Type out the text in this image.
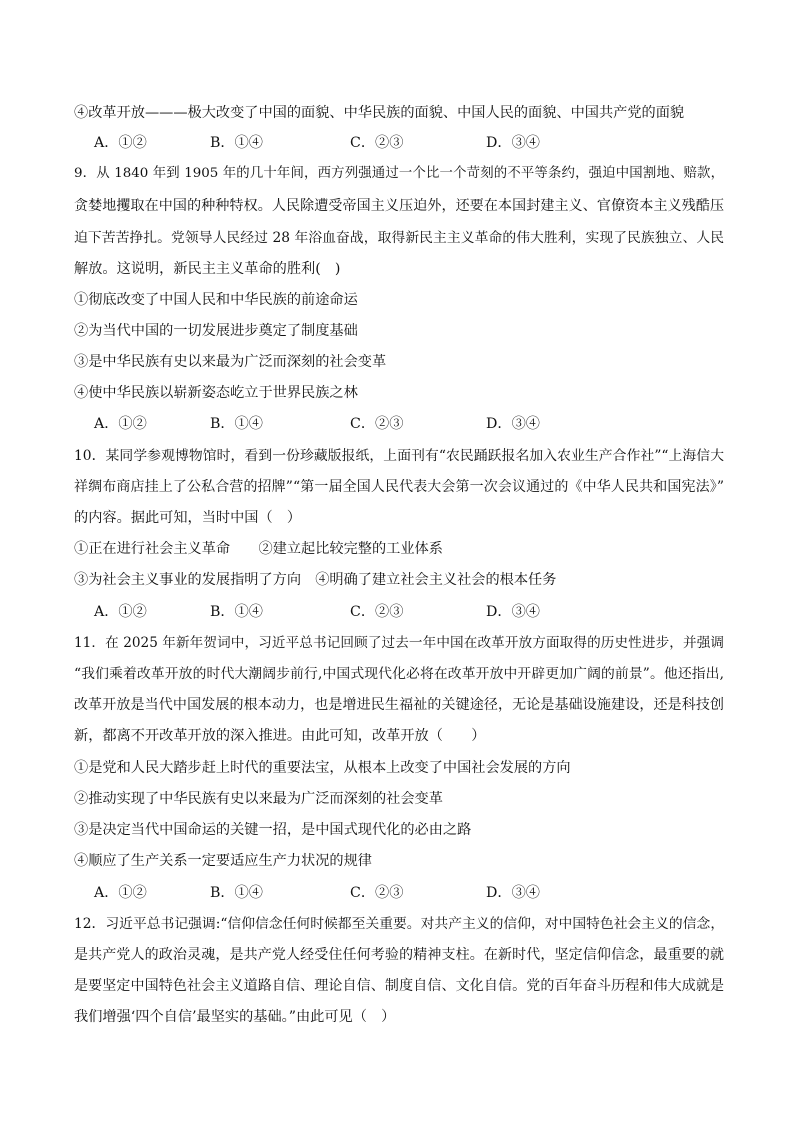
④改革开放———极大改变了中国的面貌、中华民族的面貌、中国人民的面貌、中国共产党的面貌
A．①②	B．①④	C．②③	D．③④
9．从 1840 年到 1905 年的几十年间，西方列强通过一个比一个苛刻的不平等条约，强迫中国割地、赔款，
贪婪地攫取在中国的种种特权。人民除遭受帝国主义压迫外，还要在本国封建主义、官僚资本主义残酷压
迫下苦苦挣扎。党领导人民经过 28 年浴血奋战，取得新民主主义革命的伟大胜利，实现了民族独立、人民
解放。这说明，新民主主义革命的胜利(　)
①彻底改变了中国人民和中华民族的前途命运
②为当代中国的一切发展进步奠定了制度基础
③是中华民族有史以来最为广泛而深刻的社会变革
④使中华民族以崭新姿态屹立于世界民族之林
A．①②	B．①④	C．②③	D．③④
10．某同学参观博物馆时，看到一份珍藏版报纸，上面刊有“农民踊跃报名加入农业生产合作社”“上海信大
祥绸布商店挂上了公私合营的招牌”“第一届全国人民代表大会第一次会议通过的《中华人民共和国宪法》”
的内容。据此可知，当时中国（　）
①正在进行社会主义革命　　②建立起比较完整的工业体系
③为社会主义事业的发展指明了方向　④明确了建立社会主义社会的根本任务
A．①②	B．①④	C．②③	D．③④
11．在 2025 年新年贺词中，习近平总书记回顾了过去一年中国在改革开放方面取得的历史性进步，并强调
“我们乘着改革开放的时代大潮阔步前行,中国式现代化必将在改革开放中开辟更加广阔的前景”。他还指出,
改革开放是当代中国发展的根本动力，也是增进民生福祉的关键途径，无论是基础设施建设，还是科技创
新，都离不开改革开放的深入推进。由此可知，改革开放（　　）
①是党和人民大踏步赶上时代的重要法宝，从根本上改变了中国社会发展的方向
②推动实现了中华民族有史以来最为广泛而深刻的社会变革
③是决定当代中国命运的关键一招，是中国式现代化的必由之路
④顺应了生产关系一定要适应生产力状况的规律
A．①②	B．①④	C．②③	D．③④
12．习近平总书记强调:“信仰信念任何时候都至关重要。对共产主义的信仰，对中国特色社会主义的信念，
是共产党人的政治灵魂，是共产党人经受住任何考验的精神支柱。在新时代，坚定信仰信念，最重要的就
是要坚定中国特色社会主义道路自信、理论自信、制度自信、文化自信。党的百年奋斗历程和伟大成就是
我们增强‘四个自信’最坚实的基础。”由此可见（　）
